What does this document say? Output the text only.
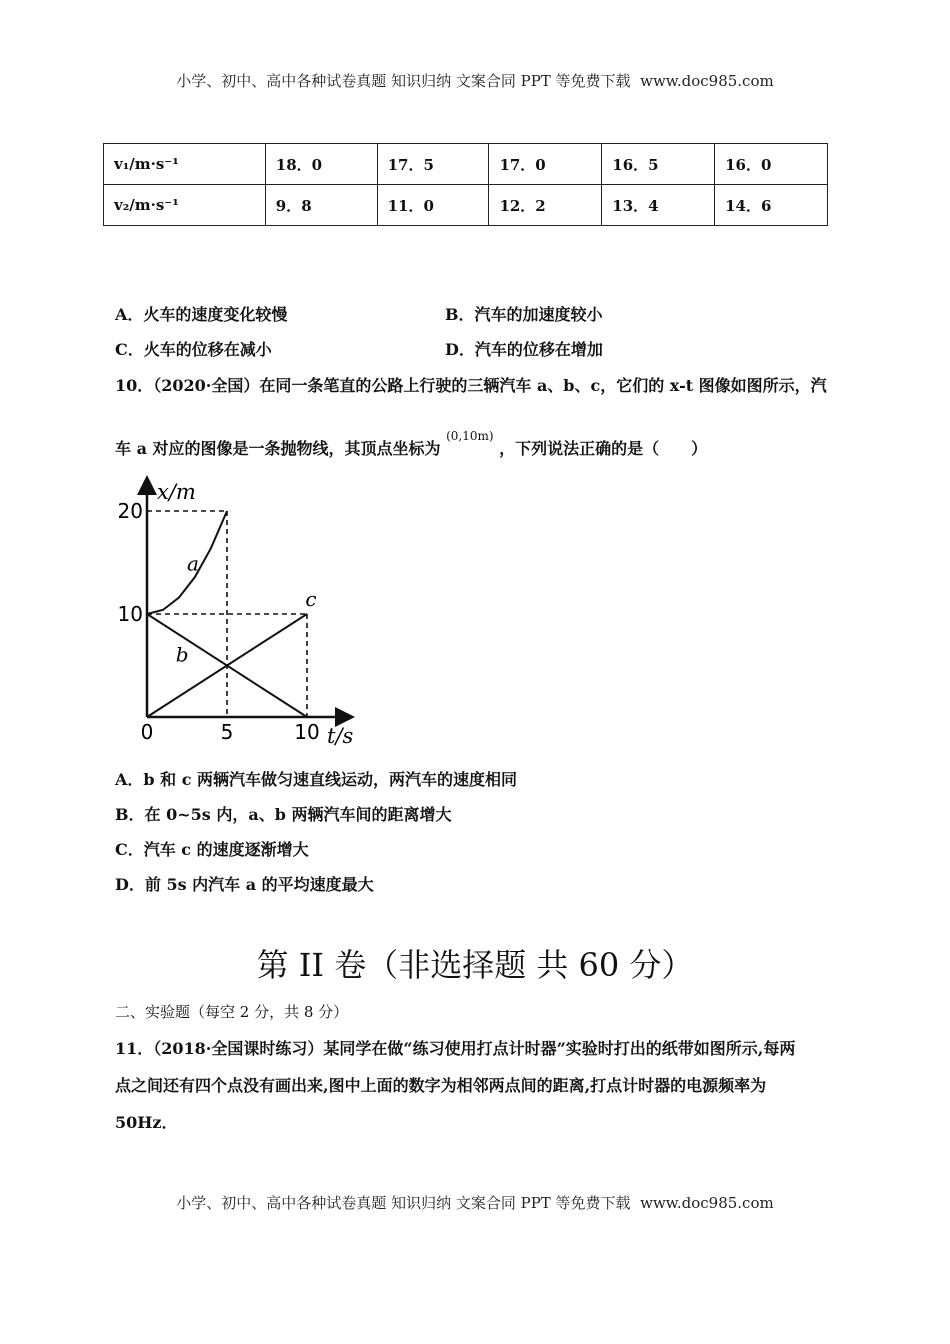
小学、初中、高中各种试卷真题 知识归纳 文案合同 PPT 等免费下载 www.doc985.com
v₁/m·s⁻¹	18．0	17．5	17．0	16．5	16．0
v₂/m·s⁻¹	9．8	11．0	12．2	13．4	14．6
A．火车的速度变化较慢	B．汽车的加速度较小
C．火车的位移在减小	D．汽车的位移在增加
10．（2020·全国）在同一条笔直的公路上行驶的三辆汽车 a、b、c，它们的 x-t 图像如图所示，汽
车 a 对应的图像是一条抛物线，其顶点坐标为 $^{(0,10m)}$ ，下列说法正确的是（　　）
a
b
c
0	5	10
20
10
x/m
t/s
A．b 和 c 两辆汽车做匀速直线运动，两汽车的速度相同
B．在 0~5s 内，a、b 两辆汽车间的距离增大
C．汽车 c 的速度逐渐增大
D．前 5s 内汽车 a 的平均速度最大
第 II 卷（非选择题 共 60 分）
二、实验题（每空 2 分，共 8 分）
11．（2018·全国课时练习）某同学在做“练习使用打点计时器”实验时打出的纸带如图所示,每两
点之间还有四个点没有画出来,图中上面的数字为相邻两点间的距离,打点计时器的电源频率为
50Hz．
小学、初中、高中各种试卷真题 知识归纳 文案合同 PPT 等免费下载 www.doc985.com
